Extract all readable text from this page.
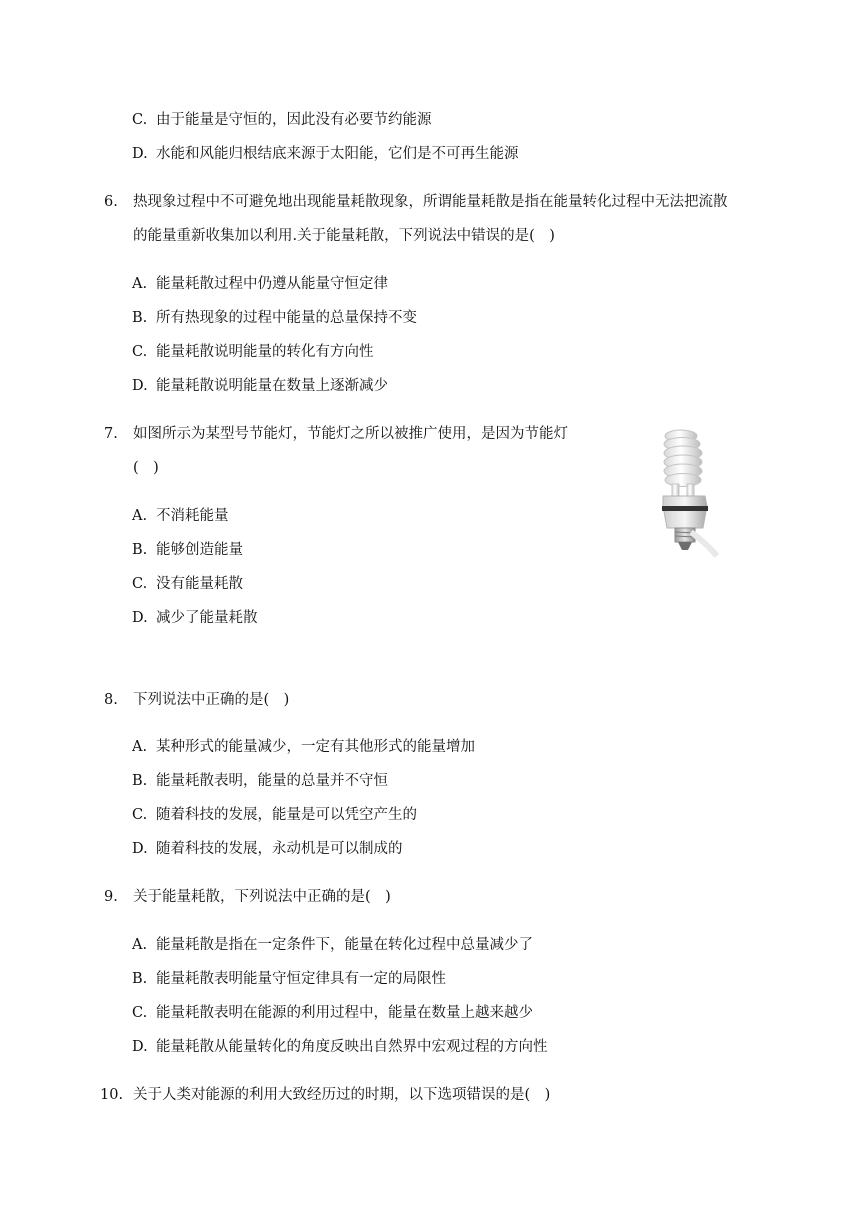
C. 由于能量是守恒的，因此没有必要节约能源
D. 水能和风能归根结底来源于太阳能，它们是不可再生能源
6. 热现象过程中不可避免地出现能量耗散现象，所谓能量耗散是指在能量转化过程中无法把流散
的能量重新收集加以利用.关于能量耗散，下列说法中错误的是(　)
A. 能量耗散过程中仍遵从能量守恒定律
B. 所有热现象的过程中能量的总量保持不变
C. 能量耗散说明能量的转化有方向性
D. 能量耗散说明能量在数量上逐渐减少
7. 如图所示为某型号节能灯，节能灯之所以被推广使用，是因为节能灯
(　)
A. 不消耗能量
B. 能够创造能量
C. 没有能量耗散
D. 减少了能量耗散
8. 下列说法中正确的是(　)
A. 某种形式的能量减少，一定有其他形式的能量增加
B. 能量耗散表明，能量的总量并不守恒
C. 随着科技的发展，能量是可以凭空产生的
D. 随着科技的发展，永动机是可以制成的
9. 关于能量耗散，下列说法中正确的是(　)
A. 能量耗散是指在一定条件下，能量在转化过程中总量减少了
B. 能量耗散表明能量守恒定律具有一定的局限性
C. 能量耗散表明在能源的利用过程中，能量在数量上越来越少
D. 能量耗散从能量转化的角度反映出自然界中宏观过程的方向性
10. 关于人类对能源的利用大致经历过的时期，以下选项错误的是(　)
